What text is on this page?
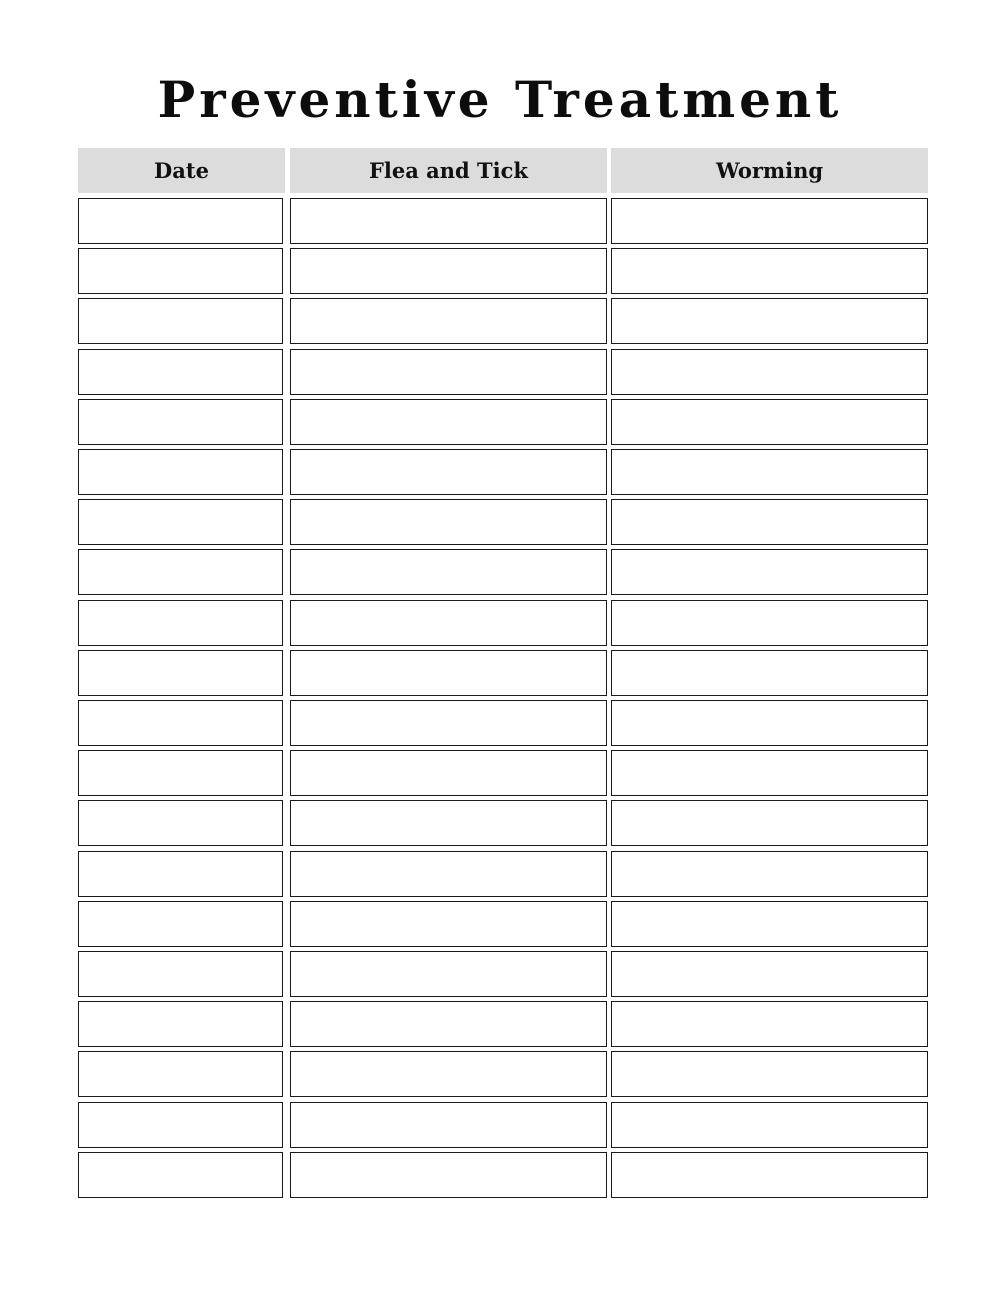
Preventive Treatment
Date	Flea and Tick	Worming
